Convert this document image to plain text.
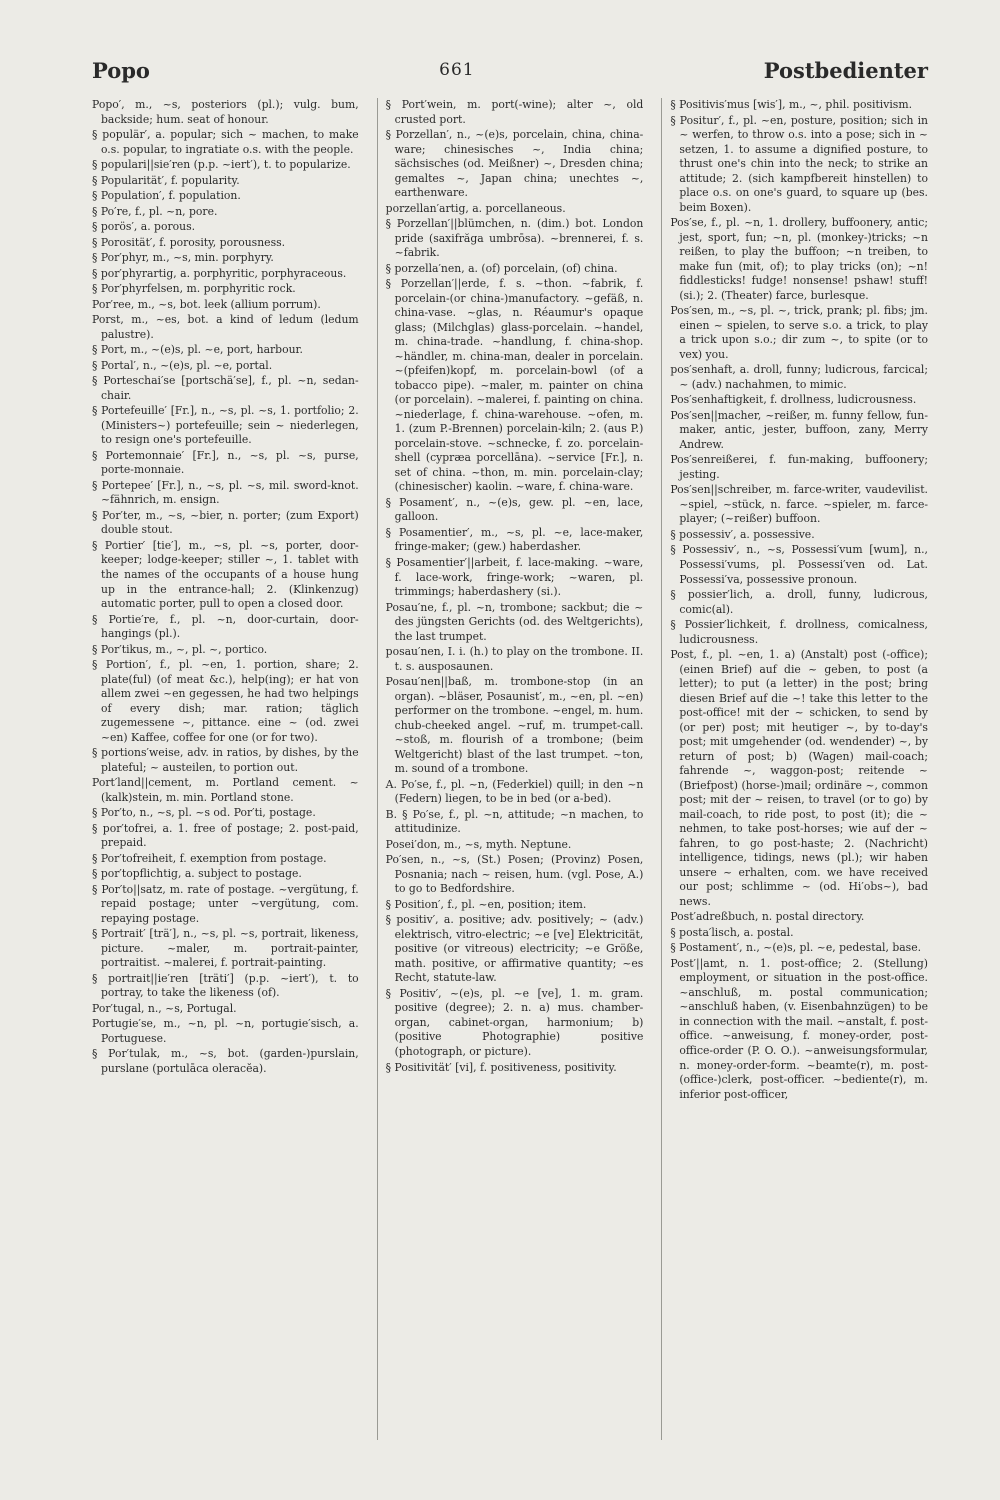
Popo	661	Postbedienter

Popo′, m., ~s, posteriors (pl.); vulg. bum, backside; hum. seat of honour.

§ populär′, a. popular; sich ~ machen, to make o.s. popular, to ingratiate o.s. with the people.

§ populari||sie′ren (p.p. ~iert′), t. to popularize.

§ Popularität′, f. popularity.

§ Population′, f. population.

§ Po′re, f., pl. ~n, pore.

§ porös′, a. porous.

§ Porosität′, f. porosity, porousness.

§ Por′phyr, m., ~s, min. porphyry.

§ por′phyrartig, a. porphyritic, porphyraceous.

§ Por′phyrfelsen, m. porphyritic rock.

Por′ree, m., ~s, bot. leek (allium porrum).

Porst, m., ~es, bot. a kind of ledum (ledum palustre).

§ Port, m., ~(e)s, pl. ~e, port, harbour.

§ Portal′, n., ~(e)s, pl. ~e, portal.

§ Porteschai′se [portschä′se], f., pl. ~n, sedan-chair.

§ Portefeuille′ [Fr.], n., ~s, pl. ~s, 1. portfolio; 2. (Ministers~) portefeuille; sein ~ niederlegen, to resign one's portefeuille.

§ Portemonnaie′ [Fr.], n., ~s, pl. ~s, purse, porte-monnaie.

§ Portepee′ [Fr.], n., ~s, pl. ~s, mil. sword-knot. ~fähnrich, m. ensign.

§ Por′ter, m., ~s, ~bier, n. porter; (zum Export) double stout.

§ Portier′ [tie′], m., ~s, pl. ~s, porter, door-keeper; lodge-keeper; stiller ~, 1. tablet with the names of the occupants of a house hung up in the entrance-hall; 2. (Klinkenzug) automatic porter, pull to open a closed door.

§ Portie′re, f., pl. ~n, door-curtain, door-hangings (pl.).

§ Por′tikus, m., ~, pl. ~, portico.

§ Portion′, f., pl. ~en, 1. portion, share; 2. plate(ful) (of meat &c.), help(ing); er hat von allem zwei ~en gegessen, he had two helpings of every dish; mar. ration; täglich zugemessene ~, pittance. eine ~ (od. zwei ~en) Kaffee, coffee for one (or for two).

§ portions′weise, adv. in ratios, by dishes, by the plateful; ~ austeilen, to portion out.

Port′land||cement, m. Portland cement. ~(kalk)stein, m. min. Portland stone.

§ Por′to, n., ~s, pl. ~s od. Por′ti, postage.

§ por′tofrei, a. 1. free of postage; 2. post-paid, prepaid.

§ Por′tofreiheit, f. exemption from postage.

§ por′topflichtig, a. subject to postage.

§ Por′to||satz, m. rate of postage. ~vergütung, f. repaid postage; unter ~vergütung, com. repaying postage.

§ Portrait′ [trä′], n., ~s, pl. ~s, portrait, likeness, picture. ~maler, m. portrait-painter, portraitist. ~malerei, f. portrait-painting.

§ portrait||ie′ren [träti′] (p.p. ~iert′), t. to portray, to take the likeness (of).

Por′tugal, n., ~s, Portugal.

Portugie′se, m., ~n, pl. ~n, portugie′sisch, a. Portuguese.

§ Por′tulak, m., ~s, bot. (garden-)purslain, purslane (portulāca oleracĕa).

§ Port′wein, m. port(-wine); alter ~, old crusted port.

§ Porzellan′, n., ~(e)s, porcelain, china, china-ware; chinesisches ~, India china; sächsisches (od. Meißner) ~, Dresden china; gemaltes ~, Japan china; unechtes ~, earthenware.

porzellan′artig, a. porcellaneous.

§ Porzellan′||blümchen, n. (dim.) bot. London pride (saxifrăga umbrōsa). ~brennerei, f. s. ~fabrik.

§ porzella′nen, a. (of) porcelain, (of) china.

§ Porzellan′||erde, f. s. ~thon. ~fabrik, f. porcelain-(or china-)manufactory. ~gefäß, n. china-vase. ~glas, n. Réaumur's opaque glass; (Milchglas) glass-porcelain. ~handel, m. china-trade. ~handlung, f. china-shop. ~händler, m. china-man, dealer in porcelain. ~(pfeifen)kopf, m. porcelain-bowl (of a tobacco pipe). ~maler, m. painter on china (or porcelain). ~malerei, f. painting on china. ~niederlage, f. china-warehouse. ~ofen, m. 1. (zum P.-Brennen) porcelain-kiln; 2. (aus P.) porcelain-stove. ~schnecke, f. zo. porcelain-shell (cypræa porcellāna). ~service [Fr.], n. set of china. ~thon, m. min. porcelain-clay; (chinesischer) kaolin. ~ware, f. china-ware.

§ Posament′, n., ~(e)s, gew. pl. ~en, lace, galloon.

§ Posamentier′, m., ~s, pl. ~e, lace-maker, fringe-maker; (gew.) haberdasher.

§ Posamentier′||arbeit, f. lace-making. ~ware, f. lace-work, fringe-work; ~waren, pl. trimmings; haberdashery (si.).

Posau′ne, f., pl. ~n, trombone; sackbut; die ~ des jüngsten Gerichts (od. des Weltgerichts), the last trumpet.

posau′nen, I. i. (h.) to play on the trombone. II. t. s. ausposaunen.

Posau′nen||baß, m. trombone-stop (in an organ). ~bläser, Posaunist′, m., ~en, pl. ~en) performer on the trombone. ~engel, m. hum. chub-cheeked angel. ~ruf, m. trumpet-call. ~stoß, m. flourish of a trombone; (beim Weltgericht) blast of the last trumpet. ~ton, m. sound of a trombone.

A. Po′se, f., pl. ~n, (Federkiel) quill; in den ~n (Federn) liegen, to be in bed (or a-bed).

B. § Po′se, f., pl. ~n, attitude; ~n machen, to attitudinize.

Posei′don, m., ~s, myth. Neptune.

Po′sen, n., ~s, (St.) Posen; (Provinz) Posen, Posnania; nach ~ reisen, hum. (vgl. Pose, A.) to go to Bedfordshire.

§ Position′, f., pl. ~en, position; item.

§ positiv′, a. positive; adv. positively; ~ (adv.) elektrisch, vitro-electric; ~e [ve] Elektricität, positive (or vitreous) electricity; ~e Größe, math. positive, or affirmative quantity; ~es Recht, statute-law.

§ Positiv′, ~(e)s, pl. ~e [ve], 1. m. gram. positive (degree); 2. n. a) mus. chamber-organ, cabinet-organ, harmonium; b) (positive Photographie) positive (photograph, or picture).

§ Positivität′ [vi], f. positiveness, positivity.

§ Positivis′mus [wis′], m., ~, phil. positivism.

§ Positur′, f., pl. ~en, posture, position; sich in ~ werfen, to throw o.s. into a pose; sich in ~ setzen, 1. to assume a dignified posture, to thrust one's chin into the neck; to strike an attitude; 2. (sich kampfbereit hinstellen) to place o.s. on one's guard, to square up (bes. beim Boxen).

Pos′se, f., pl. ~n, 1. drollery, buffoonery, antic; jest, sport, fun; ~n, pl. (monkey-)tricks; ~n reißen, to play the buffoon; ~n treiben, to make fun (mit, of); to play tricks (on); ~n! fiddlesticks! fudge! nonsense! pshaw! stuff! (si.); 2. (Theater) farce, burlesque.

Pos′sen, m., ~s, pl. ~, trick, prank; pl. fibs; jm. einen ~ spielen, to serve s.o. a trick, to play a trick upon s.o.; dir zum ~, to spite (or to vex) you.

pos′senhaft, a. droll, funny; ludicrous, farcical; ~ (adv.) nachahmen, to mimic.

Pos′senhaftigkeit, f. drollness, ludicrousness.

Pos′sen||macher, ~reißer, m. funny fellow, fun-maker, antic, jester, buffoon, zany, Merry Andrew.

Pos′senreißerei, f. fun-making, buffoonery; jesting.

Pos′sen||schreiber, m. farce-writer, vaudevilist. ~spiel, ~stück, n. farce. ~spieler, m. farce-player; (~reißer) buffoon.

§ possessiv′, a. possessive.

§ Possessiv′, n., ~s, Possessi′vum [wum], n., Possessi′vums, pl. Possessi′ven od. Lat. Possessi′va, possessive pronoun.

§ possier′lich, a. droll, funny, ludicrous, comic(al).

§ Possier′lichkeit, f. drollness, comicalness, ludicrousness.

Post, f., pl. ~en, 1. a) (Anstalt) post (-office); (einen Brief) auf die ~ geben, to post (a letter); to put (a letter) in the post; bring diesen Brief auf die ~! take this letter to the post-office! mit der ~ schicken, to send by (or per) post; mit heutiger ~, by to-day's post; mit umgehender (od. wendender) ~, by return of post; b) (Wagen) mail-coach; fahrende ~, waggon-post; reitende ~ (Briefpost) (horse-)mail; ordinäre ~, common post; mit der ~ reisen, to travel (or to go) by mail-coach, to ride post, to post (it); die ~ nehmen, to take post-horses; wie auf der ~ fahren, to go post-haste; 2. (Nachricht) intelligence, tidings, news (pl.); wir haben unsere ~ erhalten, com. we have received our post; schlimme ~ (od. Hi′obs~), bad news.

Post′adreßbuch, n. postal directory.

§ posta′lisch, a. postal.

§ Postament′, n., ~(e)s, pl. ~e, pedestal, base.

Post′||amt, n. 1. post-office; 2. (Stellung) employment, or situation in the post-office. ~anschluß, m. postal communication; ~anschluß haben, (v. Eisenbahnzügen) to be in connection with the mail. ~anstalt, f. post-office. ~anweisung, f. money-order, post-office-order (P. O. O.). ~anweisungsformular, n. money-order-form. ~beamte(r), m. post-(office-)clerk, post-officer. ~bediente(r), m. inferior post-officer,
